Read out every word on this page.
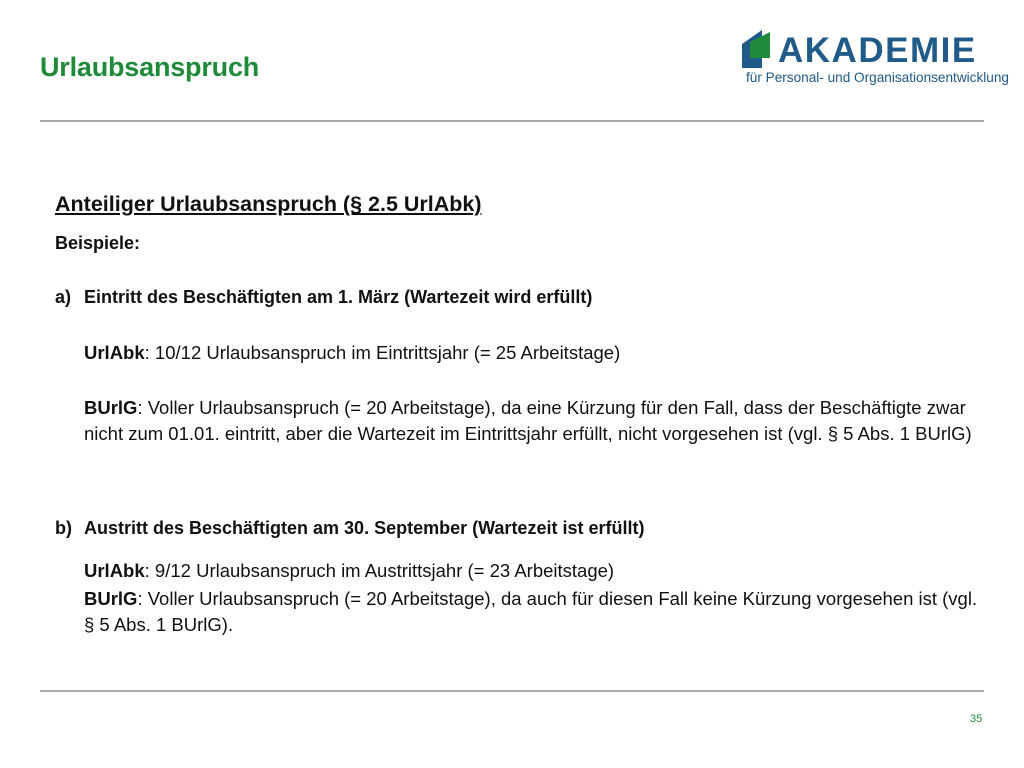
Urlaubsanspruch	AKADEMIE
für Personal- und Organisationsentwicklung
Anteiliger Urlaubsanspruch (§ 2.5 UrlAbk)
Beispiele:
a) Eintritt des Beschäftigten am 1. März (Wartezeit wird erfüllt)
UrlAbk: 10/12 Urlaubsanspruch im Eintrittsjahr (= 25 Arbeitstage)
BUrlG: Voller Urlaubsanspruch (= 20 Arbeitstage), da eine Kürzung für den Fall, dass der Beschäftigte zwar nicht zum 01.01. eintritt, aber die Wartezeit im Eintrittsjahr erfüllt, nicht vorgesehen ist (vgl. § 5 Abs. 1 BUrlG)
b) Austritt des Beschäftigten am 30. September (Wartezeit ist erfüllt)
UrlAbk: 9/12 Urlaubsanspruch im Austrittsjahr (= 23 Arbeitstage)
BUrlG: Voller Urlaubsanspruch (= 20 Arbeitstage), da auch für diesen Fall keine Kürzung vorgesehen ist (vgl. § 5 Abs. 1 BUrlG).
35
